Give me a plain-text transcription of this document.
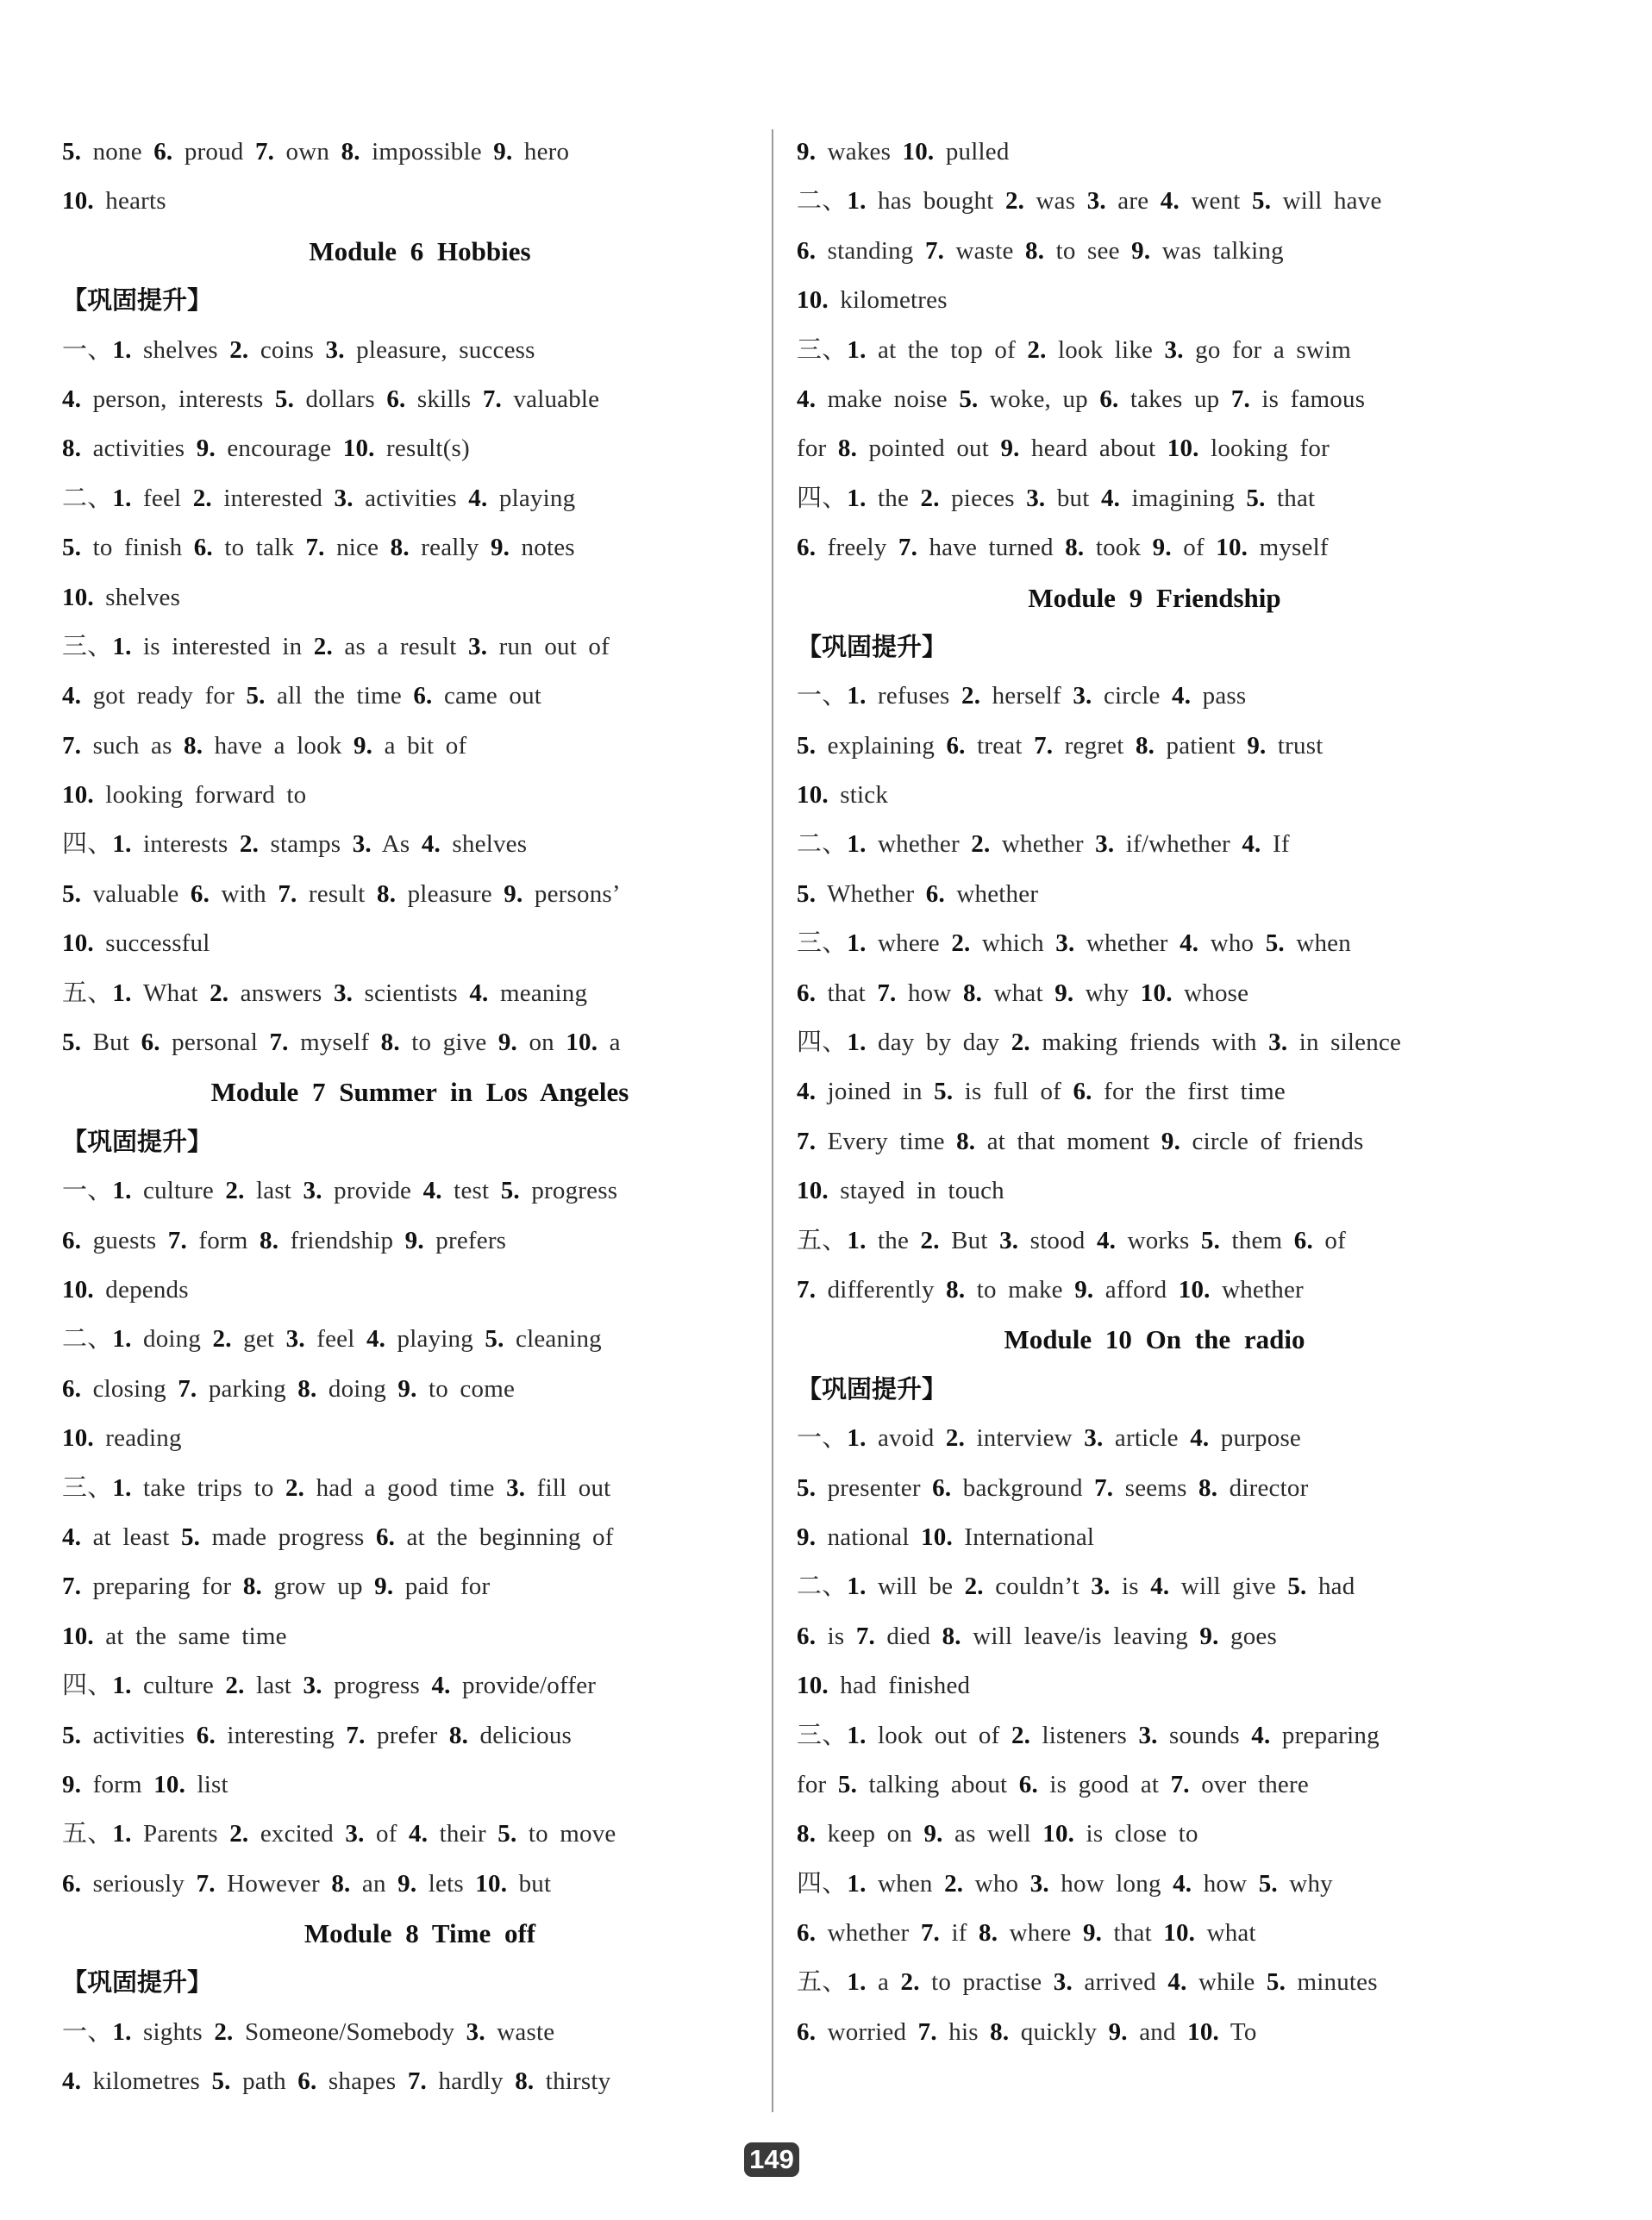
5. none 6. proud 7. own 8. impossible 9. hero
10. hearts
Module 6 Hobbies
【巩固提升】
一、1. shelves 2. coins 3. pleasure, success
4. person, interests 5. dollars 6. skills 7. valuable
8. activities 9. encourage 10. result(s)
二、1. feel 2. interested 3. activities 4. playing
5. to finish 6. to talk 7. nice 8. really 9. notes
10. shelves
三、1. is interested in 2. as a result 3. run out of
4. got ready for 5. all the time 6. came out
7. such as 8. have a look 9. a bit of
10. looking forward to
四、1. interests 2. stamps 3. As 4. shelves
5. valuable 6. with 7. result 8. pleasure 9. persons’
10. successful
五、1. What 2. answers 3. scientists 4. meaning
5. But 6. personal 7. myself 8. to give 9. on 10. a
Module 7 Summer in Los Angeles
【巩固提升】
一、1. culture 2. last 3. provide 4. test 5. progress
6. guests 7. form 8. friendship 9. prefers
10. depends
二、1. doing 2. get 3. feel 4. playing 5. cleaning
6. closing 7. parking 8. doing 9. to come
10. reading
三、1. take trips to 2. had a good time 3. fill out
4. at least 5. made progress 6. at the beginning of
7. preparing for 8. grow up 9. paid for
10. at the same time
四、1. culture 2. last 3. progress 4. provide/offer
5. activities 6. interesting 7. prefer 8. delicious
9. form 10. list
五、1. Parents 2. excited 3. of 4. their 5. to move
6. seriously 7. However 8. an 9. lets 10. but
Module 8 Time off
【巩固提升】
一、1. sights 2. Someone/Somebody 3. waste
4. kilometres 5. path 6. shapes 7. hardly 8. thirsty
9. wakes 10. pulled
二、1. has bought 2. was 3. are 4. went 5. will have
6. standing 7. waste 8. to see 9. was talking
10. kilometres
三、1. at the top of 2. look like 3. go for a swim
4. make noise 5. woke, up 6. takes up 7. is famous
for 8. pointed out 9. heard about 10. looking for
四、1. the 2. pieces 3. but 4. imagining 5. that
6. freely 7. have turned 8. took 9. of 10. myself
Module 9 Friendship
【巩固提升】
一、1. refuses 2. herself 3. circle 4. pass
5. explaining 6. treat 7. regret 8. patient 9. trust
10. stick
二、1. whether 2. whether 3. if/whether 4. If
5. Whether 6. whether
三、1. where 2. which 3. whether 4. who 5. when
6. that 7. how 8. what 9. why 10. whose
四、1. day by day 2. making friends with 3. in silence
4. joined in 5. is full of 6. for the first time
7. Every time 8. at that moment 9. circle of friends
10. stayed in touch
五、1. the 2. But 3. stood 4. works 5. them 6. of
7. differently 8. to make 9. afford 10. whether
Module 10 On the radio
【巩固提升】
一、1. avoid 2. interview 3. article 4. purpose
5. presenter 6. background 7. seems 8. director
9. national 10. International
二、1. will be 2. couldn’t 3. is 4. will give 5. had
6. is 7. died 8. will leave/is leaving 9. goes
10. had finished
三、1. look out of 2. listeners 3. sounds 4. preparing
for 5. talking about 6. is good at 7. over there
8. keep on 9. as well 10. is close to
四、1. when 2. who 3. how long 4. how 5. why
6. whether 7. if 8. where 9. that 10. what
五、1. a 2. to practise 3. arrived 4. while 5. minutes
6. worried 7. his 8. quickly 9. and 10. To
149
